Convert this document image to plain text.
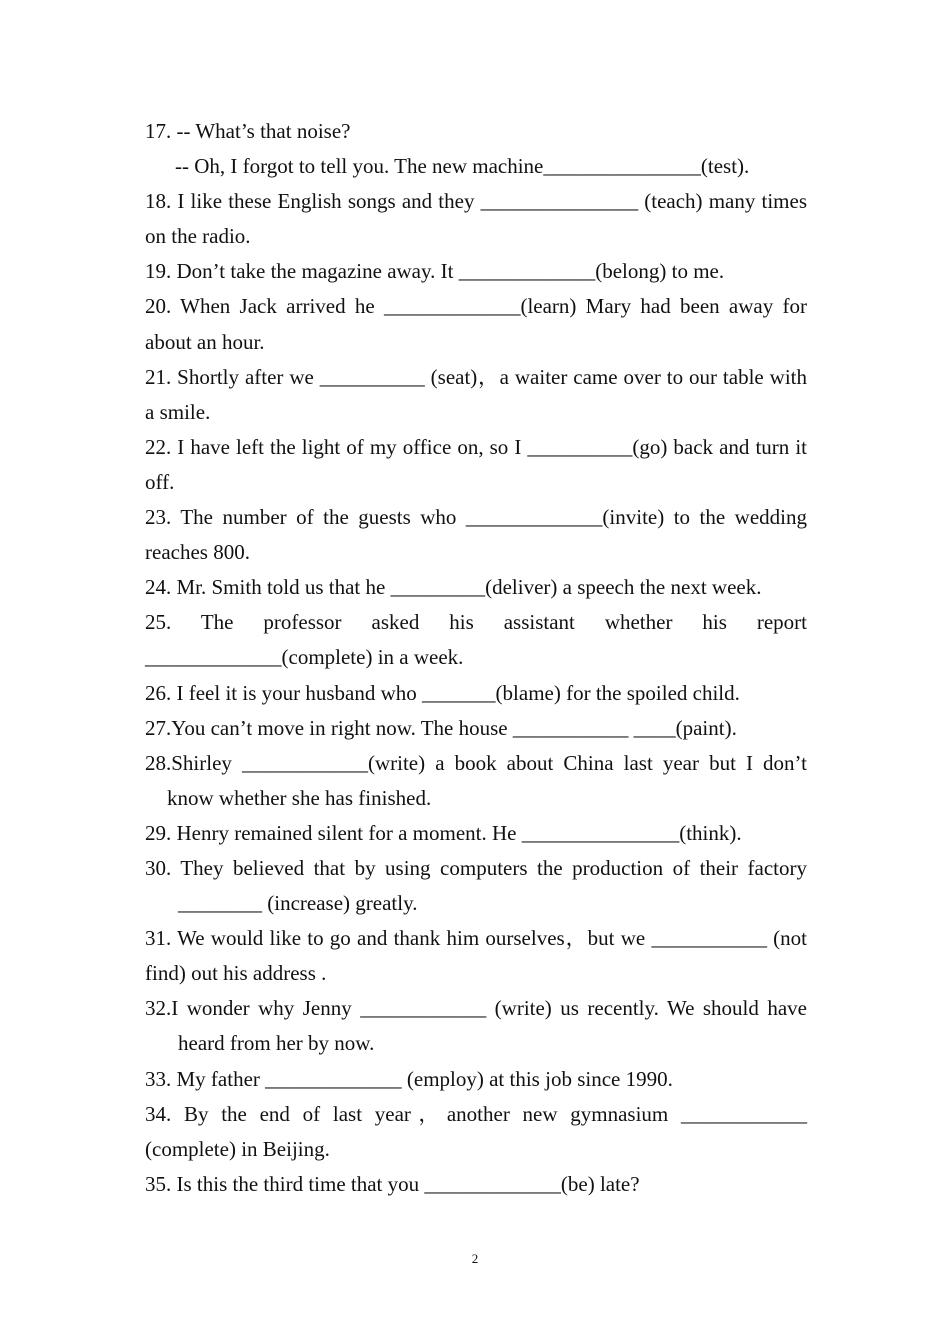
17. -- What’s that noise?

-- Oh, I forgot to tell you. The new machine_______________(test).

18. I like these English songs and they _______________ (teach) many times on the radio.

19. Don’t take the magazine away. It _____________(belong) to me.

20. When Jack arrived he _____________(learn) Mary had been away for about an hour.

21. Shortly after we __________ (seat)，a waiter came over to our table with a smile.

22. I have left the light of my office on, so I __________(go) back and turn it off.

23. The number of the guests who _____________(invite) to the wedding reaches 800.

24. Mr. Smith told us that he _________(deliver) a speech the next week.

25. The professor asked his assistant whether his report

_____________(complete) in a week.

26. I feel it is your husband who _______(blame) for the spoiled child.

27.You can’t move in right now. The house ___________ ____(paint).

28.Shirley ____________(write) a book about China last year but I don’t know whether she has finished.

29. Henry remained silent for a moment. He _______________(think).

30. They believed that by using computers the production of their factory ________ (increase) greatly.

31. We would like to go and thank him ourselves，but we ___________ (not find) out his address .

32.I wonder why Jenny ____________ (write) us recently. We should have heard from her by now.

33. My father _____________ (employ) at this job since 1990.

34. By the end of last year，another new gymnasium ____________ (complete) in Beijing.

35. Is this the third time that you _____________(be) late?

2
